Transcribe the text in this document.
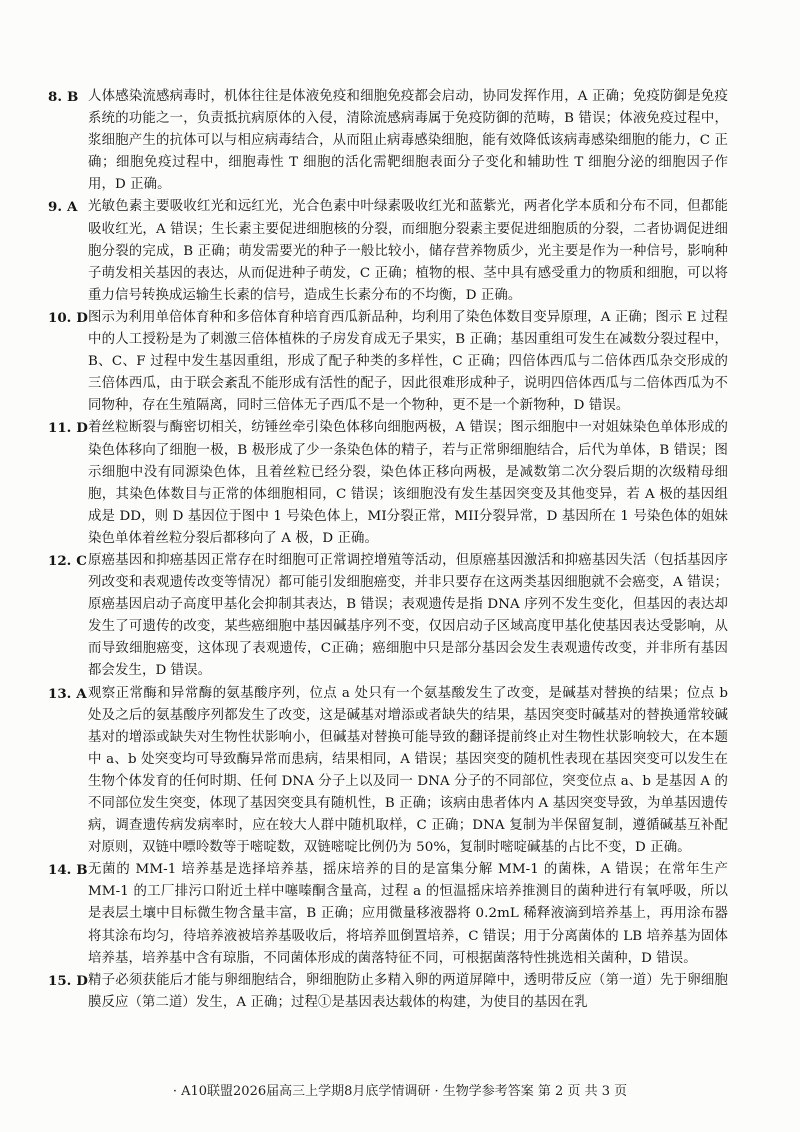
8. B 人体感染流感病毒时，机体往往是体液免疫和细胞免疫都会启动，协同发挥作用，A 正确；免疫防御是免疫系统的功能之一，负责抵抗病原体的入侵，清除流感病毒属于免疫防御的范畴，B 错误；体液免疫过程中，浆细胞产生的抗体可以与相应病毒结合，从而阻止病毒感染细胞，能有效降低该病毒感染细胞的能力，C 正确；细胞免疫过程中，细胞毒性 T 细胞的活化需靶细胞表面分子变化和辅助性 T 细胞分泌的细胞因子作用，D 正确。
9. A 光敏色素主要吸收红光和远红光，光合色素中叶绿素吸收红光和蓝紫光，两者化学本质和分布不同，但都能吸收红光，A 错误；生长素主要促进细胞核的分裂，而细胞分裂素主要促进细胞质的分裂，二者协调促进细胞分裂的完成，B 正确；萌发需要光的种子一般比较小，储存营养物质少，光主要是作为一种信号，影响种子萌发相关基因的表达，从而促进种子萌发，C 正确；植物的根、茎中具有感受重力的物质和细胞，可以将重力信号转换成运输生长素的信号，造成生长素分布的不均衡，D 正确。
10. D 图示为利用单倍体育种和多倍体育种培育西瓜新品种，均利用了染色体数目变异原理，A 正确；图示 E 过程中的人工授粉是为了刺激三倍体植株的子房发育成无子果实，B 正确；基因重组可发生在减数分裂过程中，B、C、F 过程中发生基因重组，形成了配子种类的多样性，C 正确；四倍体西瓜与二倍体西瓜杂交形成的三倍体西瓜，由于联会紊乱不能形成有活性的配子，因此很难形成种子，说明四倍体西瓜与二倍体西瓜为不同物种，存在生殖隔离，同时三倍体无子西瓜不是一个物种，更不是一个新物种，D 错误。
11. D 着丝粒断裂与酶密切相关，纺锤丝牵引染色体移向细胞两极，A 错误；图示细胞中一对姐妹染色单体形成的染色体移向了细胞一极，B 极形成了少一条染色体的精子，若与正常卵细胞结合，后代为单体，B 错误；图示细胞中没有同源染色体，且着丝粒已经分裂，染色体正移向两极，是减数第二次分裂后期的次级精母细胞，其染色体数目与正常的体细胞相同，C 错误；该细胞没有发生基因突变及其他变异，若 A 极的基因组成是 DD，则 D 基因位于图中 1 号染色体上，MI分裂正常，MII分裂异常，D 基因所在 1 号染色体的姐妹染色单体着丝粒分裂后都移向了 A 极，D 正确。
12. C 原癌基因和抑癌基因正常存在时细胞可正常调控增殖等活动，但原癌基因激活和抑癌基因失活（包括基因序列改变和表观遗传改变等情况）都可能引发细胞癌变，并非只要存在这两类基因细胞就不会癌变，A 错误；原癌基因启动子高度甲基化会抑制其表达，B 错误；表观遗传是指 DNA 序列不发生变化，但基因的表达却发生了可遗传的改变，某些癌细胞中基因碱基序列不变，仅因启动子区域高度甲基化使基因表达受影响，从而导致细胞癌变，这体现了表观遗传，C正确；癌细胞中只是部分基因会发生表观遗传改变，并非所有基因都会发生，D 错误。
13. A 观察正常酶和异常酶的氨基酸序列，位点 a 处只有一个氨基酸发生了改变，是碱基对替换的结果；位点 b 处及之后的氨基酸序列都发生了改变，这是碱基对增添或者缺失的结果，基因突变时碱基对的替换通常较碱基对的增添或缺失对生物性状影响小，但碱基对替换可能导致的翻译提前终止对生物性状影响较大，在本题中 a、b 处突变均可导致酶异常而患病，结果相同，A 错误；基因突变的随机性表现在基因突变可以发生在生物个体发育的任何时期、任何 DNA 分子上以及同一 DNA 分子的不同部位，突变位点 a、b 是基因 A 的不同部位发生突变，体现了基因突变具有随机性，B 正确；该病由患者体内 A 基因突变导致，为单基因遗传病，调查遗传病发病率时，应在较大人群中随机取样，C 正确；DNA 复制为半保留复制，遵循碱基互补配对原则，双链中嘌呤数等于嘧啶数，双链嘧啶比例仍为 50%，复制时嘧啶碱基的占比不变，D 正确。
14. B 无菌的 MM-1 培养基是选择培养基，摇床培养的目的是富集分解 MM-1 的菌株，A 错误；在常年生产 MM-1 的工厂排污口附近土样中噻嗪酮含量高，过程 a 的恒温摇床培养推测目的菌种进行有氧呼吸，所以是表层土壤中目标微生物含量丰富，B 正确；应用微量移液器将 0.2mL 稀释液滴到培养基上，再用涂布器将其涂布均匀，待培养液被培养基吸收后，将培养皿倒置培养，C 错误；用于分离菌体的 LB 培养基为固体培养基，培养基中含有琼脂，不同菌体形成的菌落特征不同，可根据菌落特性挑选相关菌种，D 错误。
15. D 精子必须获能后才能与卵细胞结合，卵细胞防止多精入卵的两道屏障中，透明带反应（第一道）先于卵细胞膜反应（第二道）发生，A 正确；过程①是基因表达载体的构建，为使目的基因在乳
· A10联盟2026届高三上学期8月底学情调研 · 生物学参考答案 第 2 页 共 3 页
